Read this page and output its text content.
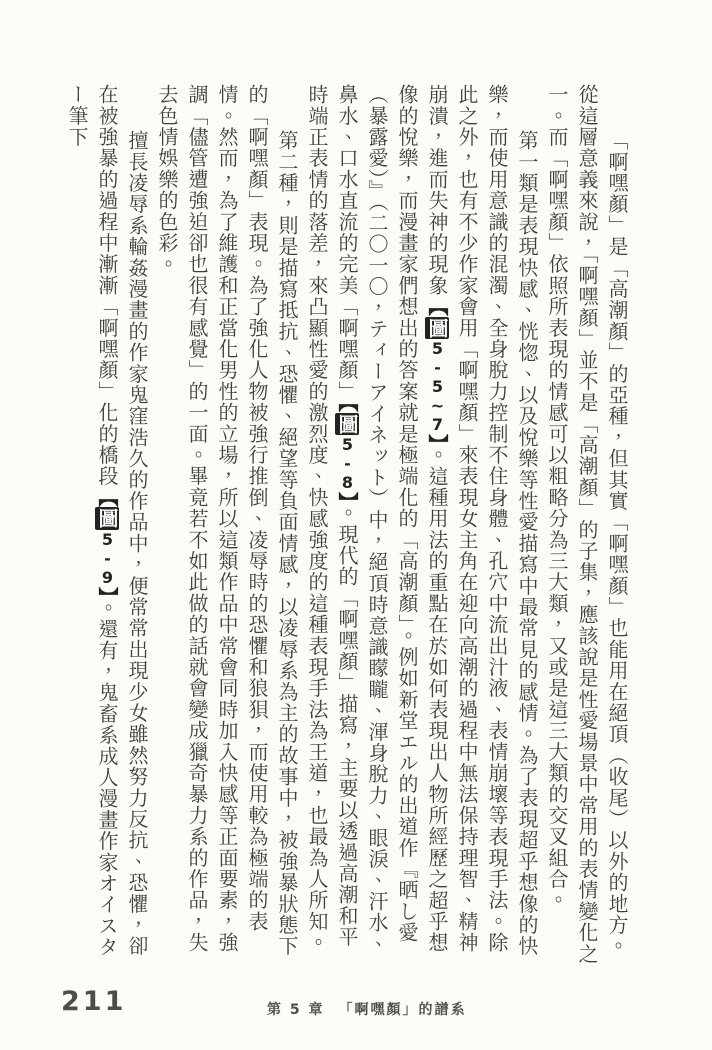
「啊嘿顏」是「高潮顏」的亞種，但其實「啊嘿顏」也能用在絕頂（收尾）以外的地方。從這層意義來說，「啊嘿顏」並不是「高潮顏」的子集，應該說是性愛場景中常用的表情變化之一。而「啊嘿顏」依照所表現的情感可以粗略分為三大類，又或是這三大類的交叉組合。

第一類是表現快感、恍惚、以及悅樂等性愛描寫中最常見的感情。為了表現超乎想像的快樂，而使用意識的混濁、全身脫力控制不住身體、孔穴中流出汁液、表情崩壞等表現手法。除此之外，也有不少作家會用「啊嘿顏」來表現女主角在迎向高潮的過程中無法保持理智、精神崩潰，進而失神的現象【圖5-5~7】。這種用法的重點在於如何表現出人物所經歷之超乎想像的悅樂，而漫畫家們想出的答案就是極端化的「高潮顏」。例如新堂エル的出道作『晒し愛（暴露愛）』（二〇一〇，ティーアイネット）中，絕頂時意識矇矓、渾身脫力、眼淚、汗水、鼻水、口水直流的完美「啊嘿顏」【圖5-8】。現代的「啊嘿顏」描寫，主要以透過高潮和平時端正表情的落差，來凸顯性愛的激烈度、快感強度的這種表現手法為王道，也最為人所知。

第二種，則是描寫抵抗、恐懼、絕望等負面情感，以凌辱系為主的故事中，被強暴狀態下的「啊嘿顏」表現。為了強化人物被強行推倒、凌辱時的恐懼和狼狽，而使用較為極端的表情。然而，為了維護和正當化男性的立場，所以這類作品中常會同時加入快感等正面要素，強調「儘管遭強迫卻也很有感覺」的一面。畢竟若不如此做的話就會變成獵奇暴力系的作品，失去色情娛樂的色彩。

擅長凌辱系輪姦漫畫的作家鬼窪浩久的作品中，便常常出現少女雖然努力反抗、恐懼，卻在被強暴的過程中漸漸「啊嘿顏」化的橋段【圖5-9】。還有，鬼畜系成人漫畫作家オイスター筆下

211	第 5 章 「啊嘿顏」的譜系
